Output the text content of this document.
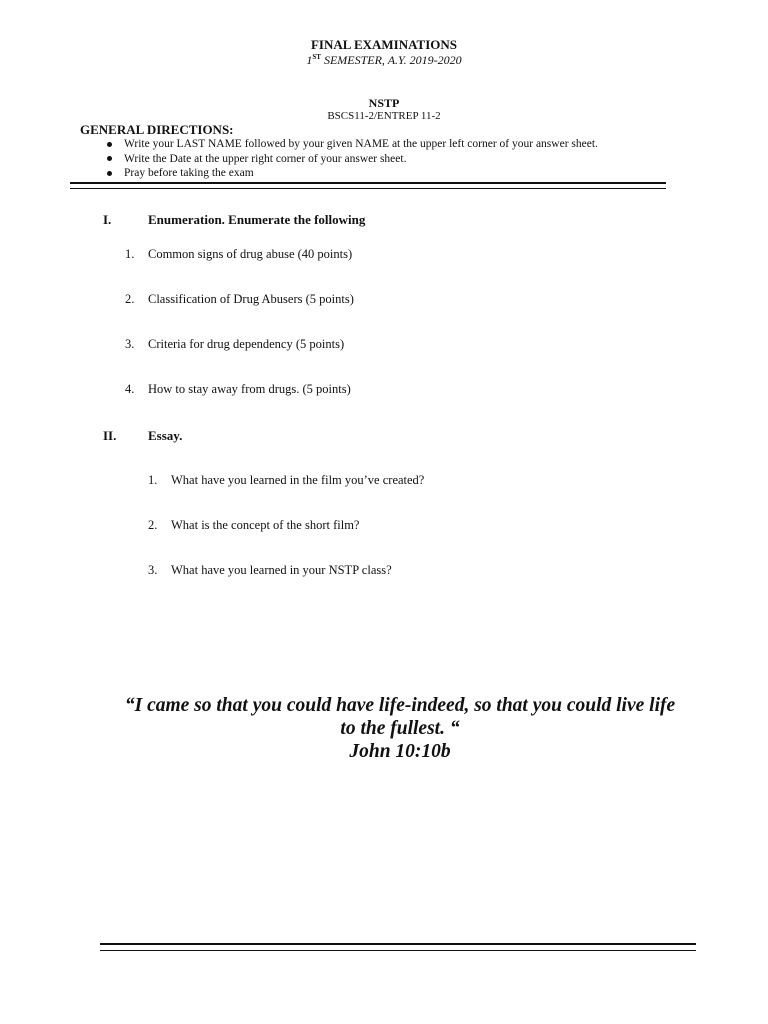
FINAL EXAMINATIONS
1ST SEMESTER, A.Y. 2019-2020
NSTP
BSCS11-2/ENTREP 11-2
GENERAL DIRECTIONS:
Write your LAST NAME followed by your given NAME at the upper left corner of your answer sheet.
Write the Date at the upper right corner of your answer sheet.
Pray before taking the exam
I.	Enumeration. Enumerate the following
1. Common signs of drug abuse (40 points)
2. Classification of Drug Abusers (5 points)
3. Criteria for drug dependency (5 points)
4. How to stay away from drugs. (5 points)
II. Essay.
1. What have you learned in the film you’ve created?
2. What is the concept of the short film?
3. What have you learned in your NSTP class?
“I came so that you could have life-indeed, so that you could live life
to the fullest. “
John 10:10b
